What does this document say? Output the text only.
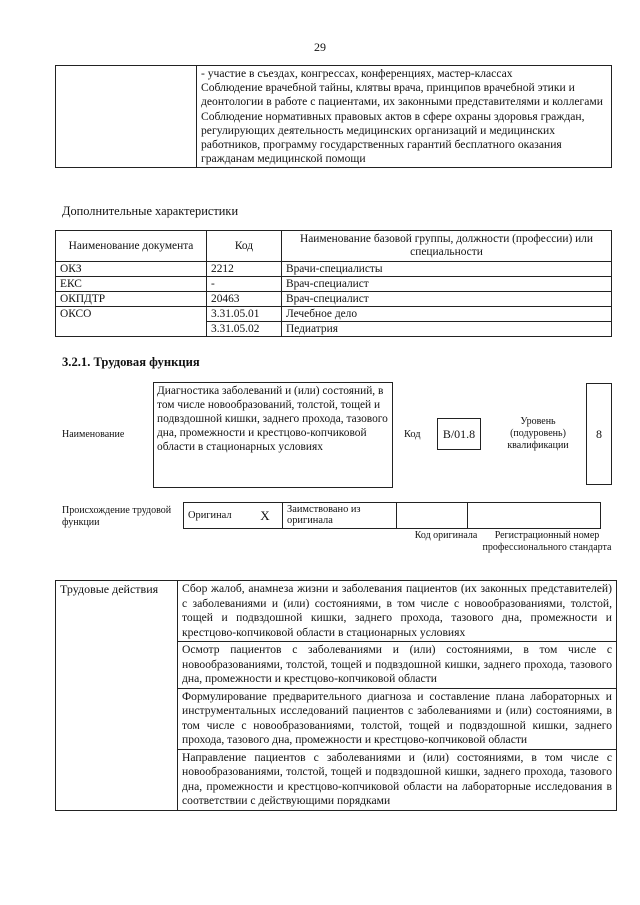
29

- участие в съездах, конгрессах, конференциях, мастер-классах
Соблюдение врачебной тайны, клятвы врача, принципов врачебной этики и деонтологии в работе с пациентами, их законными представителями и коллегами
Соблюдение нормативных правовых актов в сфере охраны здоровья граждан, регулирующих деятельность медицинских организаций и медицинских работников, программу государственных гарантий бесплатного оказания гражданам медицинской помощи
Дополнительные характеристики
Наименование документа	Код	Наименование базовой группы, должности (профессии) или специальности
ОКЗ	2212	Врачи-специалисты
ЕКС	-	Врач-специалист
ОКПДТР	20463	Врач-специалист
ОКСО	3.31.05.01	Лечебное дело
	3.31.05.02	Педиатрия
3.2.1. Трудовая функция
Наименование
Диагностика заболеваний и (или) состояний, в том числе новообразований, толстой, тощей и подвздошной кишки, заднего прохода, тазового дна, промежности и крестцово-копчиковой области в стационарных условиях
Код	B/01.8
Уровень (подуровень) квалификации
8
Происхождение трудовой функции
Оригинал	X	Заимствовано из оригинала		
Код оригинала	Регистрационный номер профессионального стандарта
Трудовые действия	Сбор жалоб, анамнеза жизни и заболевания пациентов (их законных представителей) с заболеваниями и (или) состояниями, в том числе с новообразованиями, толстой, тощей и подвздошной кишки, заднего прохода, тазового дна, промежности и крестцово-копчиковой области в стационарных условиях
Осмотр пациентов с заболеваниями и (или) состояниями, в том числе с новообразованиями, толстой, тощей и подвздошной кишки, заднего прохода, тазового дна, промежности и крестцово-копчиковой области
Формулирование предварительного диагноза и составление плана лабораторных и инструментальных исследований пациентов с заболеваниями и (или) состояниями, в том числе с новообразованиями, толстой, тощей и подвздошной кишки, заднего прохода, тазового дна, промежности и крестцово-копчиковой области
Направление пациентов с заболеваниями и (или) состояниями, в том числе с новообразованиями, толстой, тощей и подвздошной кишки, заднего прохода, тазового дна, промежности и крестцово-копчиковой области на лабораторные исследования в соответствии с действующими порядками
